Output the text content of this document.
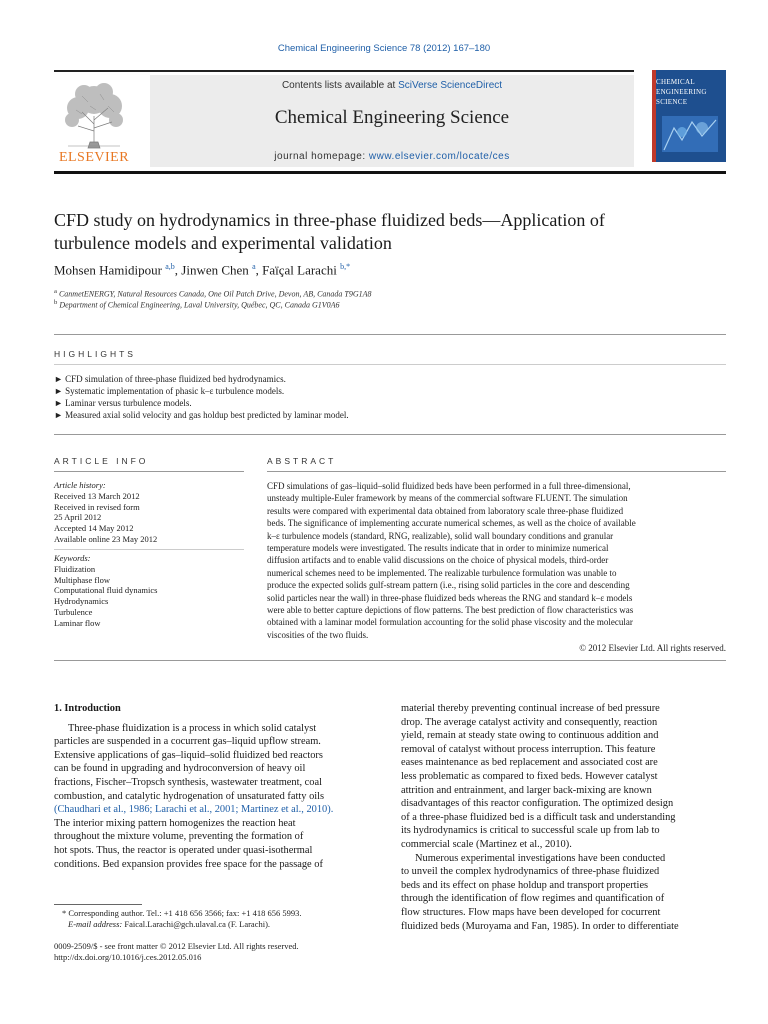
Chemical Engineering Science 78 (2012) 167–180
ELSEVIER
Contents lists available at SciVerse ScienceDirect
Chemical Engineering Science
journal homepage: www.elsevier.com/locate/ces
CHEMICAL
ENGINEERING
SCIENCE
CFD study on hydrodynamics in three-phase fluidized beds—Application of
turbulence models and experimental validation
Mohsen Hamidipour $^{a,b}$, Jinwen Chen $^a$, Faïçal Larachi $^{b,*}$
$^a$ CanmetENERGY, Natural Resources Canada, One Oil Patch Drive, Devon, AB, Canada T9G1A8
$^b$ Department of Chemical Engineering, Laval University, Québec, QC, Canada G1V0A6
HIGHLIGHTS
► CFD simulation of three-phase fluidized bed hydrodynamics.
► Systematic implementation of phasic k–ε turbulence models.
► Laminar versus turbulence models.
► Measured axial solid velocity and gas holdup best predicted by laminar model.
ARTICLE INFO
Article history:
Received 13 March 2012
Received in revised form
25 April 2012
Accepted 14 May 2012
Available online 23 May 2012
Keywords:
Fluidization
Multiphase flow
Computational fluid dynamics
Hydrodynamics
Turbulence
Laminar flow
ABSTRACT
CFD simulations of gas–liquid–solid fluidized beds have been performed in a full three-dimensional,
unsteady multiple-Euler framework by means of the commercial software FLUENT. The simulation
results were compared with experimental data obtained from laboratory scale three-phase fluidized
beds. The significance of implementing accurate numerical schemes, as well as the choice of available
k–ε turbulence models (standard, RNG, realizable), solid wall boundary conditions and granular
temperature models were investigated. The results indicate that in order to minimize numerical
diffusion artifacts and to enable valid discussions on the choice of physical models, third-order
numerical schemes need to be implemented. The realizable turbulence formulation was unable to
produce the expected solids gulf-stream pattern (i.e., rising solid particles in the core and descending
solid particles near the wall) in three-phase fluidized beds whereas the RNG and standard k–ε models
were able to better capture depictions of flow patterns. The best prediction of flow characteristics was
obtained with a laminar model formulation accounting for the solid phase viscosity and the molecular
viscosities of the two fluids.
© 2012 Elsevier Ltd. All rights reserved.
1. Introduction
Three-phase fluidization is a process in which solid catalyst
particles are suspended in a cocurrent gas–liquid upflow stream.
Extensive applications of gas–liquid–solid fluidized bed reactors
can be found in upgrading and hydroconversion of heavy oil
fractions, Fischer–Tropsch synthesis, wastewater treatment, coal
combustion, and catalytic hydrogenation of unsaturated fatty oils
(Chaudhari et al., 1986; Larachi et al., 2001; Martinez et al., 2010).
The interior mixing pattern homogenizes the reaction heat
throughout the mixture volume, preventing the formation of
hot spots. Thus, the reactor is operated under quasi-isothermal
conditions. Bed expansion provides free space for the passage of
material thereby preventing continual increase of bed pressure
drop. The average catalyst activity and consequently, reaction
yield, remain at steady state owing to continuous addition and
removal of catalyst without process interruption. This feature
eases maintenance as bed replacement and associated cost are
less problematic as compared to fixed beds. However catalyst
attrition and entrainment, and larger back-mixing are known
disadvantages of this reactor configuration. The optimized design
of a three-phase fluidized bed is a difficult task and understanding
its hydrodynamics is critical to successful scale up from lab to
commercial scale (Martinez et al., 2010).
Numerous experimental investigations have been conducted
to unveil the complex hydrodynamics of three-phase fluidized
beds and its effect on phase holdup and transport properties
through the identification of flow regimes and quantification of
flow structures. Flow maps have been developed for cocurrent
fluidized beds (Muroyama and Fan, 1985). In order to differentiate
* Corresponding author. Tel.: +1 418 656 3566; fax: +1 418 656 5993.
E-mail address: Faical.Larachi@gch.ulaval.ca (F. Larachi).
0009-2509/$ - see front matter © 2012 Elsevier Ltd. All rights reserved.
http://dx.doi.org/10.1016/j.ces.2012.05.016
